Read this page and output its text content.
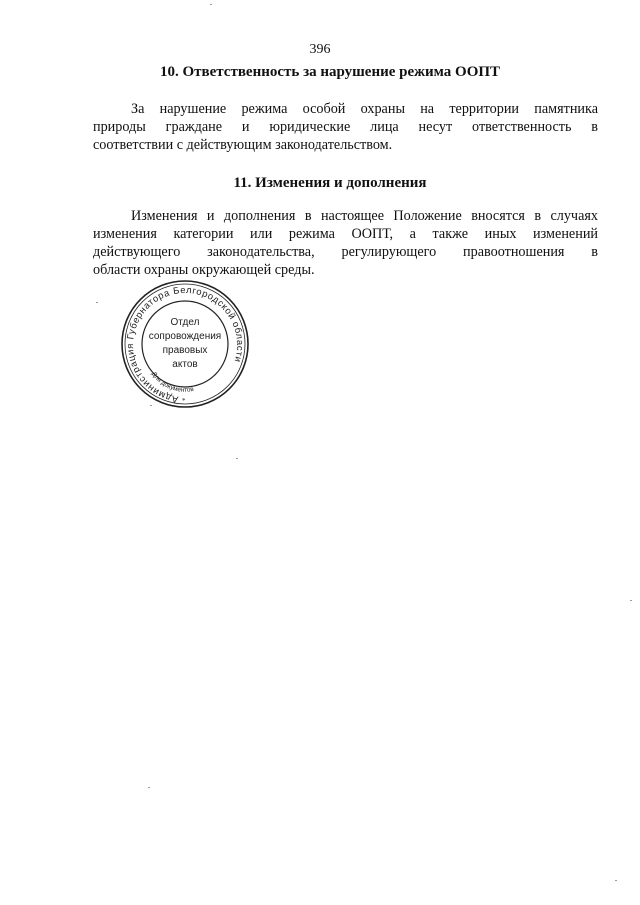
396
10. Ответственность за нарушение режима ООПТ
За нарушение режима особой охраны на территории памятника
природы граждане и юридические лица несут ответственность в
соответствии с действующим законодательством.
11. Изменения и дополнения
Изменения и дополнения в настоящее Положение вносятся в случаях
изменения категории или режима ООПТ, а также иных изменений
действующего законодательства, регулирующего правоотношения в
области охраны окружающей среды.
Администрация Губернатора Белгородской области
Для документов
Отдел
сопровождения
правовых
актов
*
